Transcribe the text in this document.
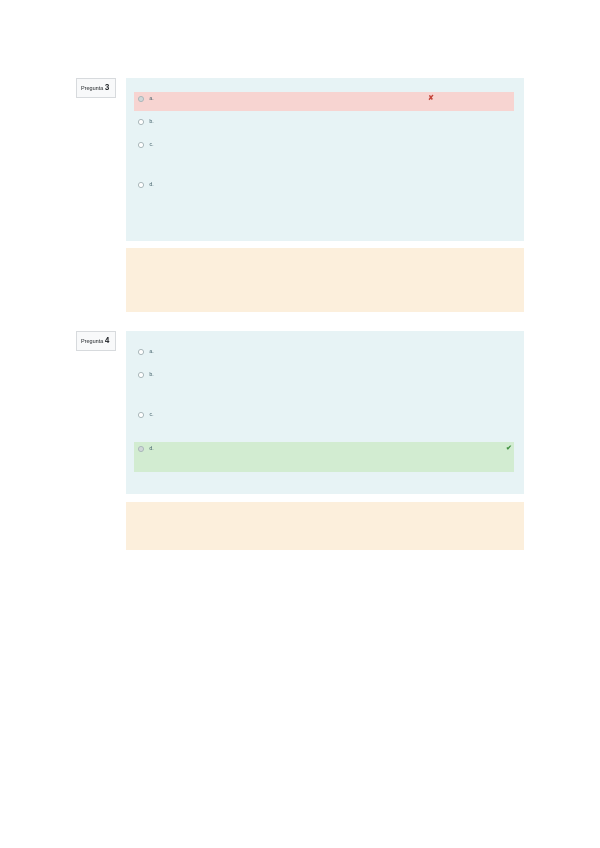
Pregunta 3
a.	✘
b.
c.
d.
Pregunta 4
a.
b.
c.
d.	✔
